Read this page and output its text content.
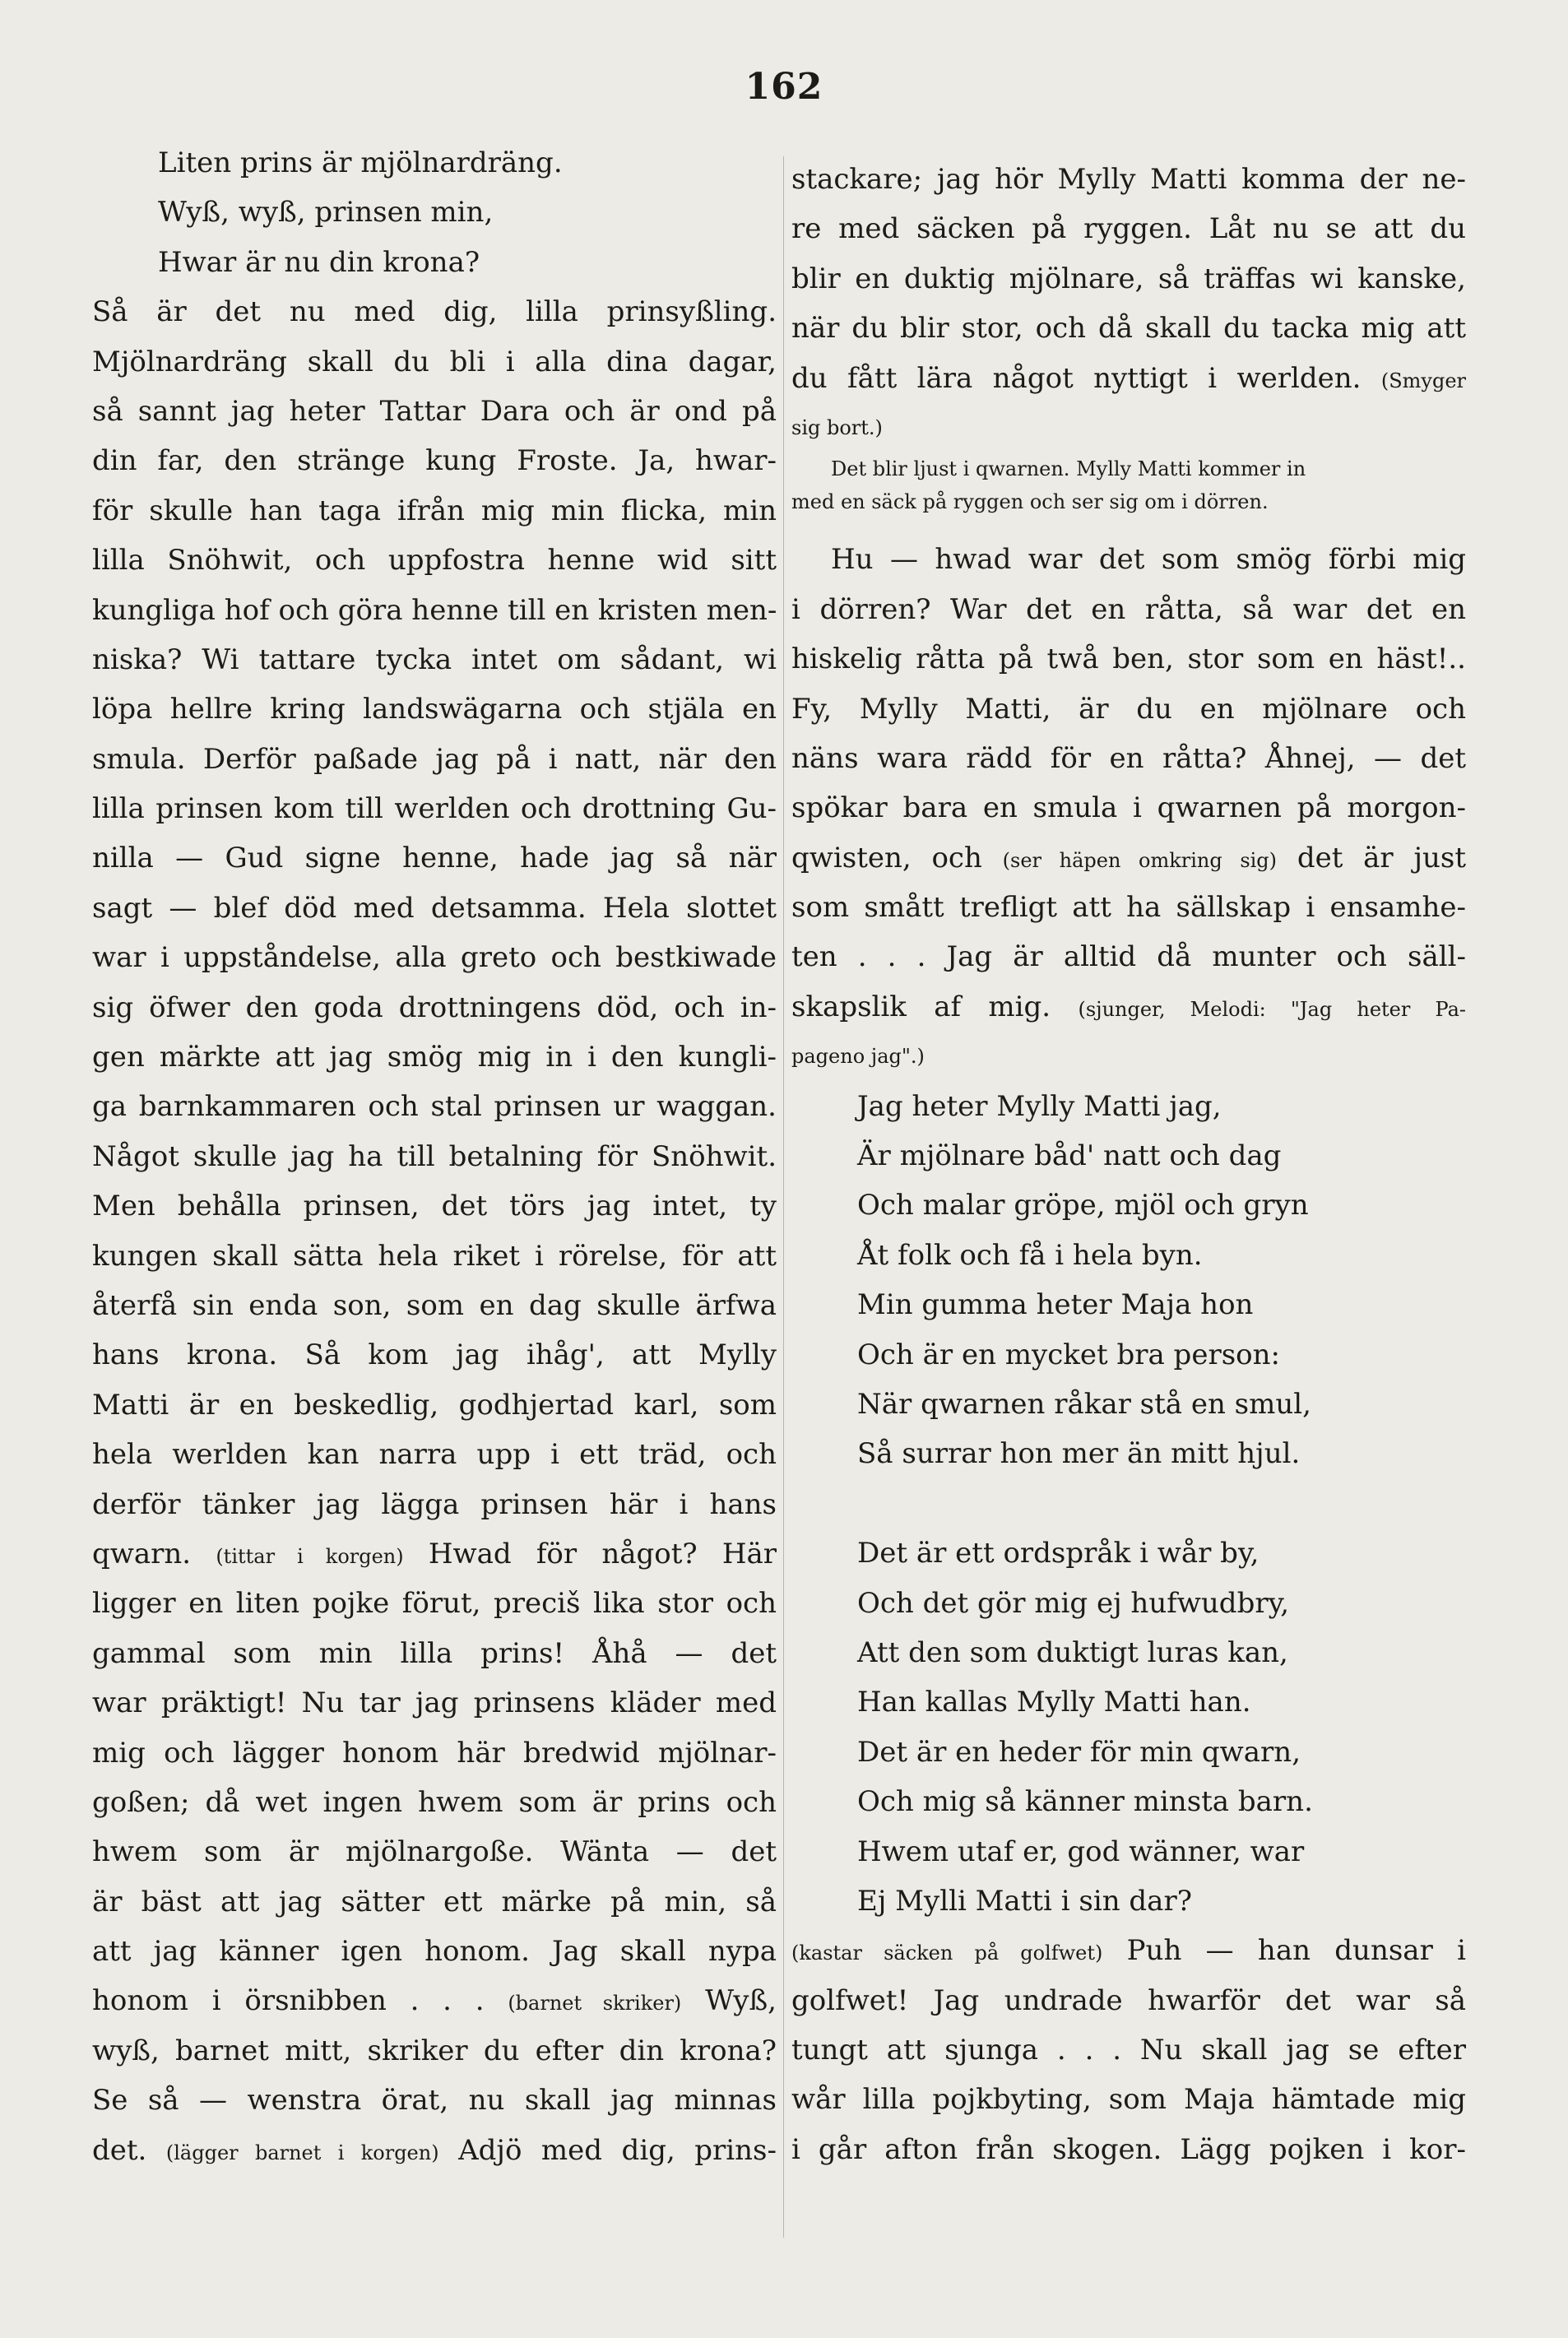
162
Liten prins är mjölnardräng.
Wyß, wyß, prinsen min,
Hwar är nu din krona?
Så är det nu med dig, lilla prinsyßling.
Mjölnardräng skall du bli i alla dina dagar,
så sannt jag heter Tattar Dara och är ond på
din far, den stränge kung Froste. Ja, hwar-
för skulle han taga ifrån mig min flicka, min
lilla Snöhwit, och uppfostra henne wid sitt
kungliga hof och göra henne till en kristen men-
niska? Wi tattare tycka intet om sådant, wi
löpa hellre kring landswägarna och stjäla en
smula. Derför paßade jag på i natt, när den
lilla prinsen kom till werlden och drottning Gu-
nilla — Gud signe henne, hade jag så när
sagt — blef död med detsamma. Hela slottet
war i uppståndelse, alla greto och bestkiwade
sig öfwer den goda drottningens död, och in-
gen märkte att jag smög mig in i den kungli-
ga barnkammaren och stal prinsen ur waggan.
Något skulle jag ha till betalning för Snöhwit.
Men behålla prinsen, det törs jag intet, ty
kungen skall sätta hela riket i rörelse, för att
återfå sin enda son, som en dag skulle ärfwa
hans krona. Så kom jag ihåg', att Mylly
Matti är en beskedlig, godhjertad karl, som
hela werlden kan narra upp i ett träd, och
derför tänker jag lägga prinsen här i hans
qwarn. (tittar i korgen) Hwad för något? Här
ligger en liten pojke förut, preciš lika stor och
gammal som min lilla prins! Åhå — det
war präktigt! Nu tar jag prinsens kläder med
mig och lägger honom här bredwid mjölnar-
goßen; då wet ingen hwem som är prins och
hwem som är mjölnargoße. Wänta — det
är bäst att jag sätter ett märke på min, så
att jag känner igen honom. Jag skall nypa
honom i örsnibben . . . (barnet skriker) Wyß,
wyß, barnet mitt, skriker du efter din krona?
Se så — wenstra örat, nu skall jag minnas
det. (lägger barnet i korgen) Adjö med dig, prins-
stackare; jag hör Mylly Matti komma der ne-
re med säcken på ryggen. Låt nu se att du
blir en duktig mjölnare, så träffas wi kanske,
när du blir stor, och då skall du tacka mig att
du fått lära något nyttigt i werlden. (Smyger
sig bort.)
Det blir ljust i qwarnen. Mylly Matti kommer in
med en säck på ryggen och ser sig om i dörren.
Hu — hwad war det som smög förbi mig
i dörren? War det en råtta, så war det en
hiskelig råtta på twå ben, stor som en häst!..
Fy, Mylly Matti, är du en mjölnare och
näns wara rädd för en råtta? Åhnej, — det
spökar bara en smula i qwarnen på morgon-
qwisten, och (ser häpen omkring sig) det är just
som smått trefligt att ha sällskap i ensamhe-
ten . . . Jag är alltid då munter och säll-
skapslik af mig. (sjunger, Melodi: "Jag heter Pa-
pageno jag".)
Jag heter Mylly Matti jag,
Är mjölnare båd' natt och dag
Och malar gröpe, mjöl och gryn
Åt folk och få i hela byn.
Min gumma heter Maja hon
Och är en mycket bra person:
När qwarnen råkar stå en smul,
Så surrar hon mer än mitt hjul.
Det är ett ordspråk i wår by,
Och det gör mig ej hufwudbry,
Att den som duktigt luras kan,
Han kallas Mylly Matti han.
Det är en heder för min qwarn,
Och mig så känner minsta barn.
Hwem utaf er, god wänner, war
Ej Mylli Matti i sin dar?
(kastar säcken på golfwet) Puh — han dunsar i
golfwet! Jag undrade hwarför det war så
tungt att sjunga . . . Nu skall jag se efter
wår lilla pojkbyting, som Maja hämtade mig
i går afton från skogen. Lägg pojken i kor-
